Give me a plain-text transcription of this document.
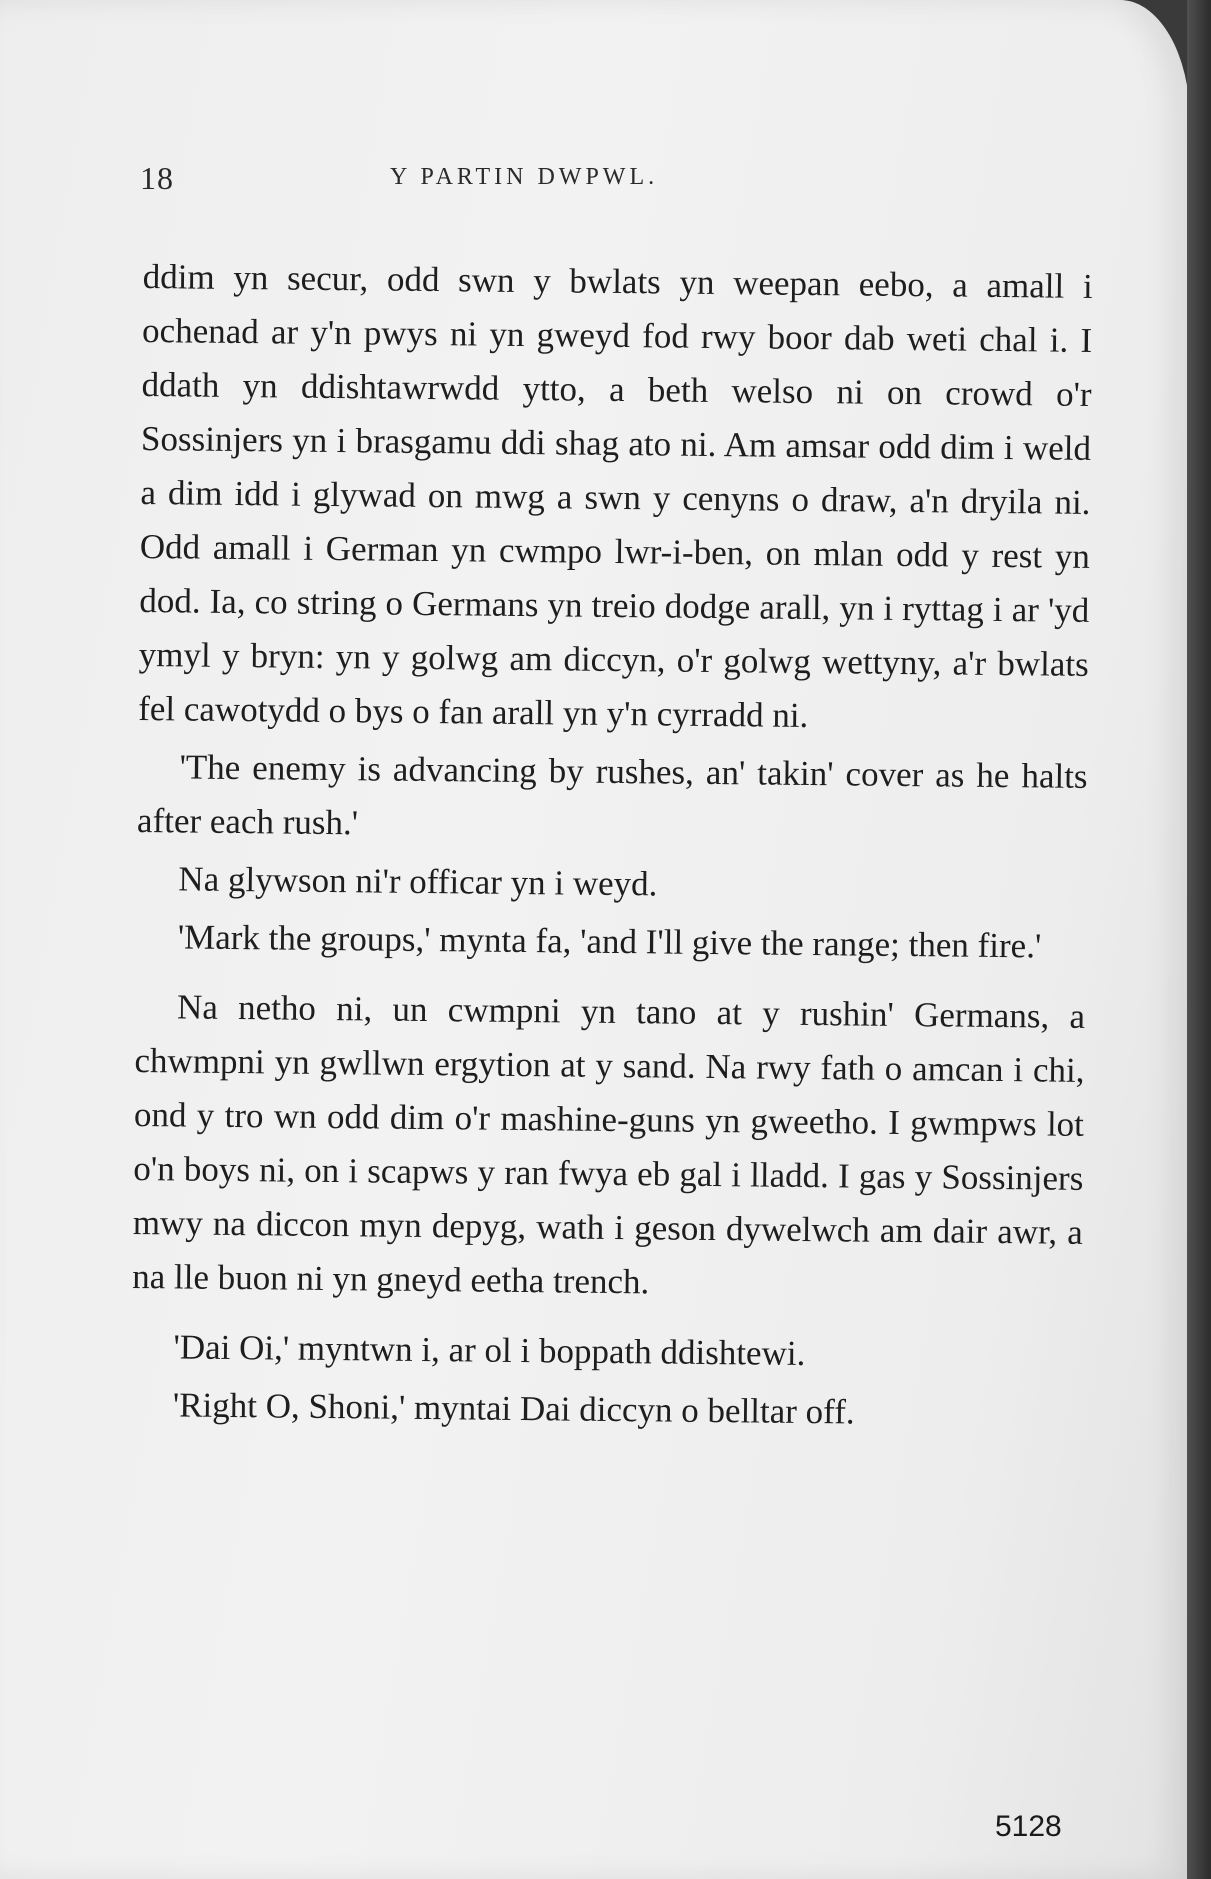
18	Y PARTIN DWPWL.

ddim yn secur, odd swn y bwlats yn weepan eebo, a amall i ochenad ar y'n pwys ni yn gweyd fod rwy boor dab weti chal i. I ddath yn ddishtawrwdd ytto, a beth welso ni on crowd o'r Sossinjers yn i brasgamu ddi shag ato ni. Am amsar odd dim i weld a dim idd i glywad on mwg a swn y cenyns o draw, a'n dryila ni. Odd amall i German yn cwmpo lwr-i-ben, on mlan odd y rest yn dod. Ia, co string o Germans yn treio dodge arall, yn i ryttag i ar 'yd ymyl y bryn: yn y golwg am diccyn, o'r golwg wettyny, a'r bwlats fel cawotydd o bys o fan arall yn y'n cyrradd ni.

'The enemy is advancing by rushes, an' takin' cover as he halts after each rush.'

Na glywson ni'r officar yn i weyd.

'Mark the groups,' mynta fa, 'and I'll give the range; then fire.'

Na netho ni, un cwmpni yn tano at y rushin' Germans, a chwmpni yn gwllwn ergytion at y sand. Na rwy fath o amcan i chi, ond y tro wn odd dim o'r mashine-guns yn gweetho. I gwmpws lot o'n boys ni, on i scapws y ran fwya eb gal i lladd. I gas y Sossinjers mwy na diccon myn depyg, wath i geson dywelwch am dair awr, a na lle buon ni yn gneyd eetha trench.

'Dai Oi,' myntwn i, ar ol i boppath ddishtewi.

'Right O, Shoni,' myntai Dai diccyn o belltar off.

5128
